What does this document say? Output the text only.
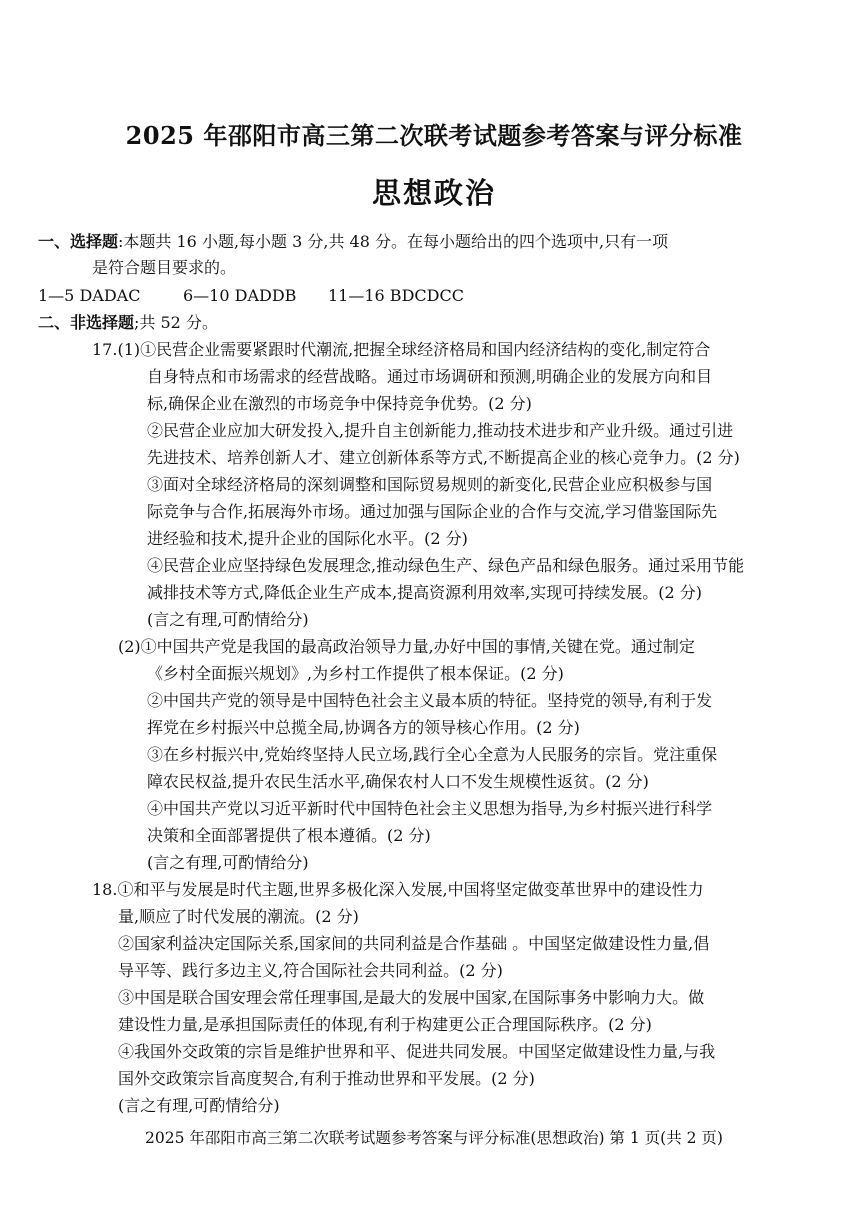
2025 年邵阳市高三第二次联考试题参考答案与评分标准
思想政治
一、选择题:本题共 16 小题,每小题 3 分,共 48 分。在每小题给出的四个选项中,只有一项
是符合题目要求的。
1—5 DADAC	6—10 DADDB 11—16 BDCDCC
二、非选择题;共 52 分。
17.(1)①民营企业需要紧跟时代潮流,把握全球经济格局和国内经济结构的变化,制定符合
自身特点和市场需求的经营战略。通过市场调研和预测,明确企业的发展方向和目
标,确保企业在激烈的市场竞争中保持竞争优势。(2 分)
②民营企业应加大研发投入,提升自主创新能力,推动技术进步和产业升级。通过引进
先进技术、培养创新人才、建立创新体系等方式,不断提高企业的核心竞争力。(2 分)
③面对全球经济格局的深刻调整和国际贸易规则的新变化,民营企业应积极参与国
际竞争与合作,拓展海外市场。通过加强与国际企业的合作与交流,学习借鉴国际先
进经验和技术,提升企业的国际化水平。(2 分)
④民营企业应坚持绿色发展理念,推动绿色生产、绿色产品和绿色服务。通过采用节能
减排技术等方式,降低企业生产成本,提高资源利用效率,实现可持续发展。(2 分)
(言之有理,可酌情给分)
(2)①中国共产党是我国的最高政治领导力量,办好中国的事情,关键在党。通过制定
《乡村全面振兴规划》,为乡村工作提供了根本保证。(2 分)
②中国共产党的领导是中国特色社会主义最本质的特征。坚持党的领导,有利于发
挥党在乡村振兴中总揽全局,协调各方的领导核心作用。(2 分)
③在乡村振兴中,党始终坚持人民立场,践行全心全意为人民服务的宗旨。党注重保
障农民权益,提升农民生活水平,确保农村人口不发生规模性返贫。(2 分)
④中国共产党以习近平新时代中国特色社会主义思想为指导,为乡村振兴进行科学
决策和全面部署提供了根本遵循。(2 分)
(言之有理,可酌情给分)
18.①和平与发展是时代主题,世界多极化深入发展,中国将坚定做变革世界中的建设性力
量,顺应了时代发展的潮流。(2 分)
②国家利益决定国际关系,国家间的共同利益是合作基础 。中国坚定做建设性力量,倡
导平等、践行多边主义,符合国际社会共同利益。(2 分)
③中国是联合国安理会常任理事国,是最大的发展中国家,在国际事务中影响力大。做
建设性力量,是承担国际责任的体现,有利于构建更公正合理国际秩序。(2 分)
④我国外交政策的宗旨是维护世界和平、促进共同发展。中国坚定做建设性力量,与我
国外交政策宗旨高度契合,有利于推动世界和平发展。(2 分)
(言之有理,可酌情给分)
2025 年邵阳市高三第二次联考试题参考答案与评分标准(思想政治) 第 1 页(共 2 页)
